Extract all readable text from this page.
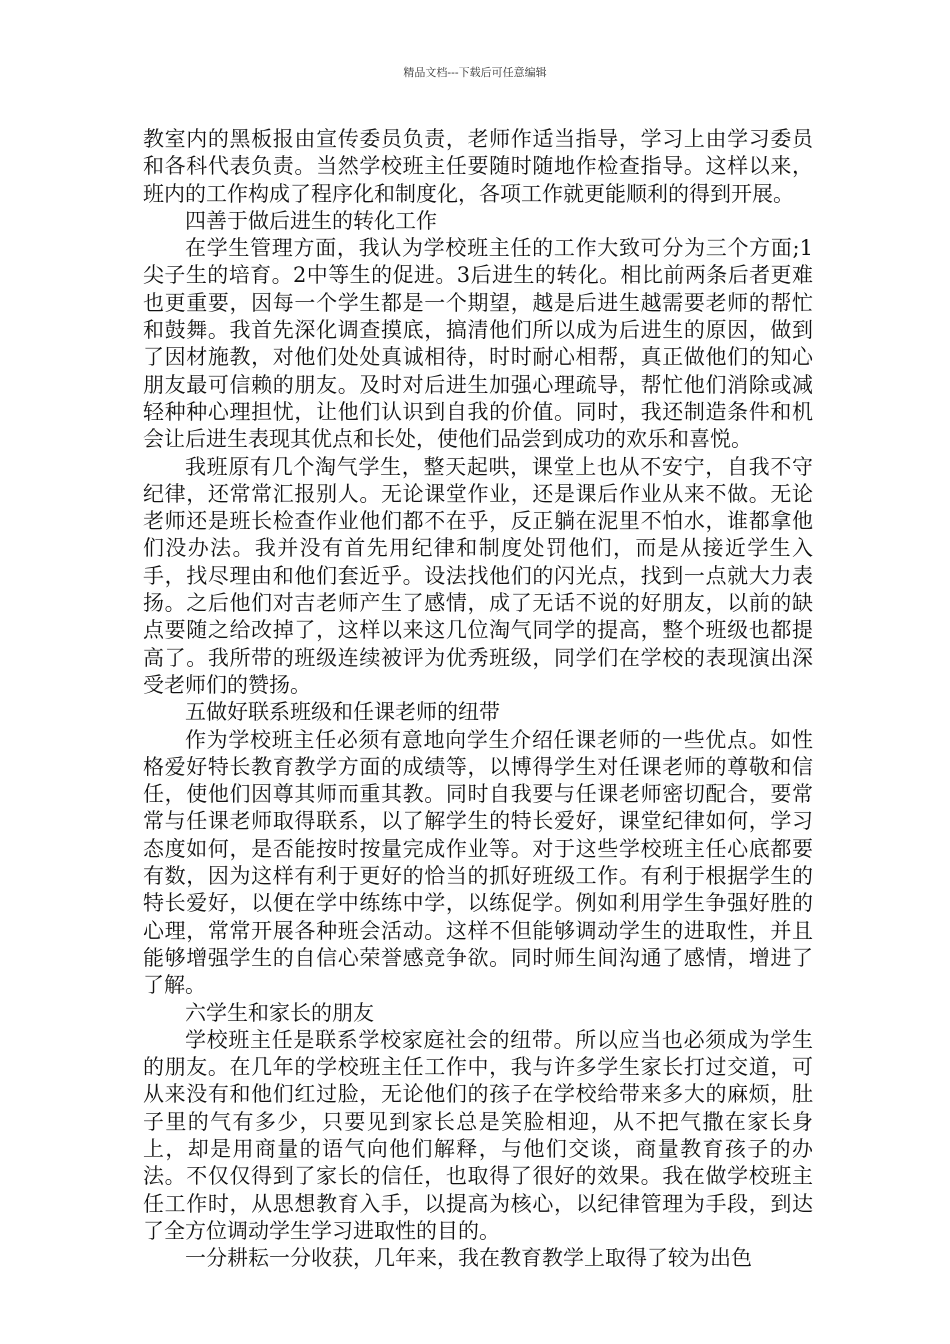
精品文档---下载后可任意编辑

教室内的黑板报由宣传委员负责，老师作适当指导，学习上由学习委员和各科代表负责。当然学校班主任要随时随地作检查指导。这样以来，班内的工作构成了程序化和制度化，各项工作就更能顺利的得到开展。

四善于做后进生的转化工作

在学生管理方面，我认为学校班主任的工作大致可分为三个方面;1尖子生的培育。2中等生的促进。3后进生的转化。相比前两条后者更难也更重要，因每一个学生都是一个期望，越是后进生越需要老师的帮忙和鼓舞。我首先深化调查摸底，搞清他们所以成为后进生的原因，做到了因材施教，对他们处处真诚相待，时时耐心相帮，真正做他们的知心朋友最可信赖的朋友。及时对后进生加强心理疏导，帮忙他们消除或减轻种种心理担忧，让他们认识到自我的价值。同时，我还制造条件和机会让后进生表现其优点和长处，使他们品尝到成功的欢乐和喜悦。

我班原有几个淘气学生，整天起哄，课堂上也从不安宁，自我不守纪律，还常常汇报别人。无论课堂作业，还是课后作业从来不做。无论老师还是班长检查作业他们都不在乎，反正躺在泥里不怕水，谁都拿他们没办法。我并没有首先用纪律和制度处罚他们，而是从接近学生入手，找尽理由和他们套近乎。设法找他们的闪光点，找到一点就大力表扬。之后他们对吉老师产生了感情，成了无话不说的好朋友，以前的缺点要随之给改掉了，这样以来这几位淘气同学的提高，整个班级也都提高了。我所带的班级连续被评为优秀班级，同学们在学校的表现演出深受老师们的赞扬。

五做好联系班级和任课老师的纽带

作为学校班主任必须有意地向学生介绍任课老师的一些优点。如性格爱好特长教育教学方面的成绩等，以博得学生对任课老师的尊敬和信任，使他们因尊其师而重其教。同时自我要与任课老师密切配合，要常常与任课老师取得联系，以了解学生的特长爱好，课堂纪律如何，学习态度如何，是否能按时按量完成作业等。对于这些学校班主任心底都要有数，因为这样有利于更好的恰当的抓好班级工作。有利于根据学生的特长爱好，以便在学中练练中学，以练促学。例如利用学生争强好胜的心理，常常开展各种班会活动。这样不但能够调动学生的进取性，并且能够增强学生的自信心荣誉感竞争欲。同时师生间沟通了感情，增进了了解。

六学生和家长的朋友

学校班主任是联系学校家庭社会的纽带。所以应当也必须成为学生的朋友。在几年的学校班主任工作中，我与许多学生家长打过交道，可从来没有和他们红过脸，无论他们的孩子在学校给带来多大的麻烦，肚子里的气有多少，只要见到家长总是笑脸相迎，从不把气撒在家长身上，却是用商量的语气向他们解释，与他们交谈，商量教育孩子的办法。不仅仅得到了家长的信任，也取得了很好的效果。我在做学校班主任工作时，从思想教育入手，以提高为核心，以纪律管理为手段，到达了全方位调动学生学习进取性的目的。

一分耕耘一分收获，几年来，我在教育教学上取得了较为出色
